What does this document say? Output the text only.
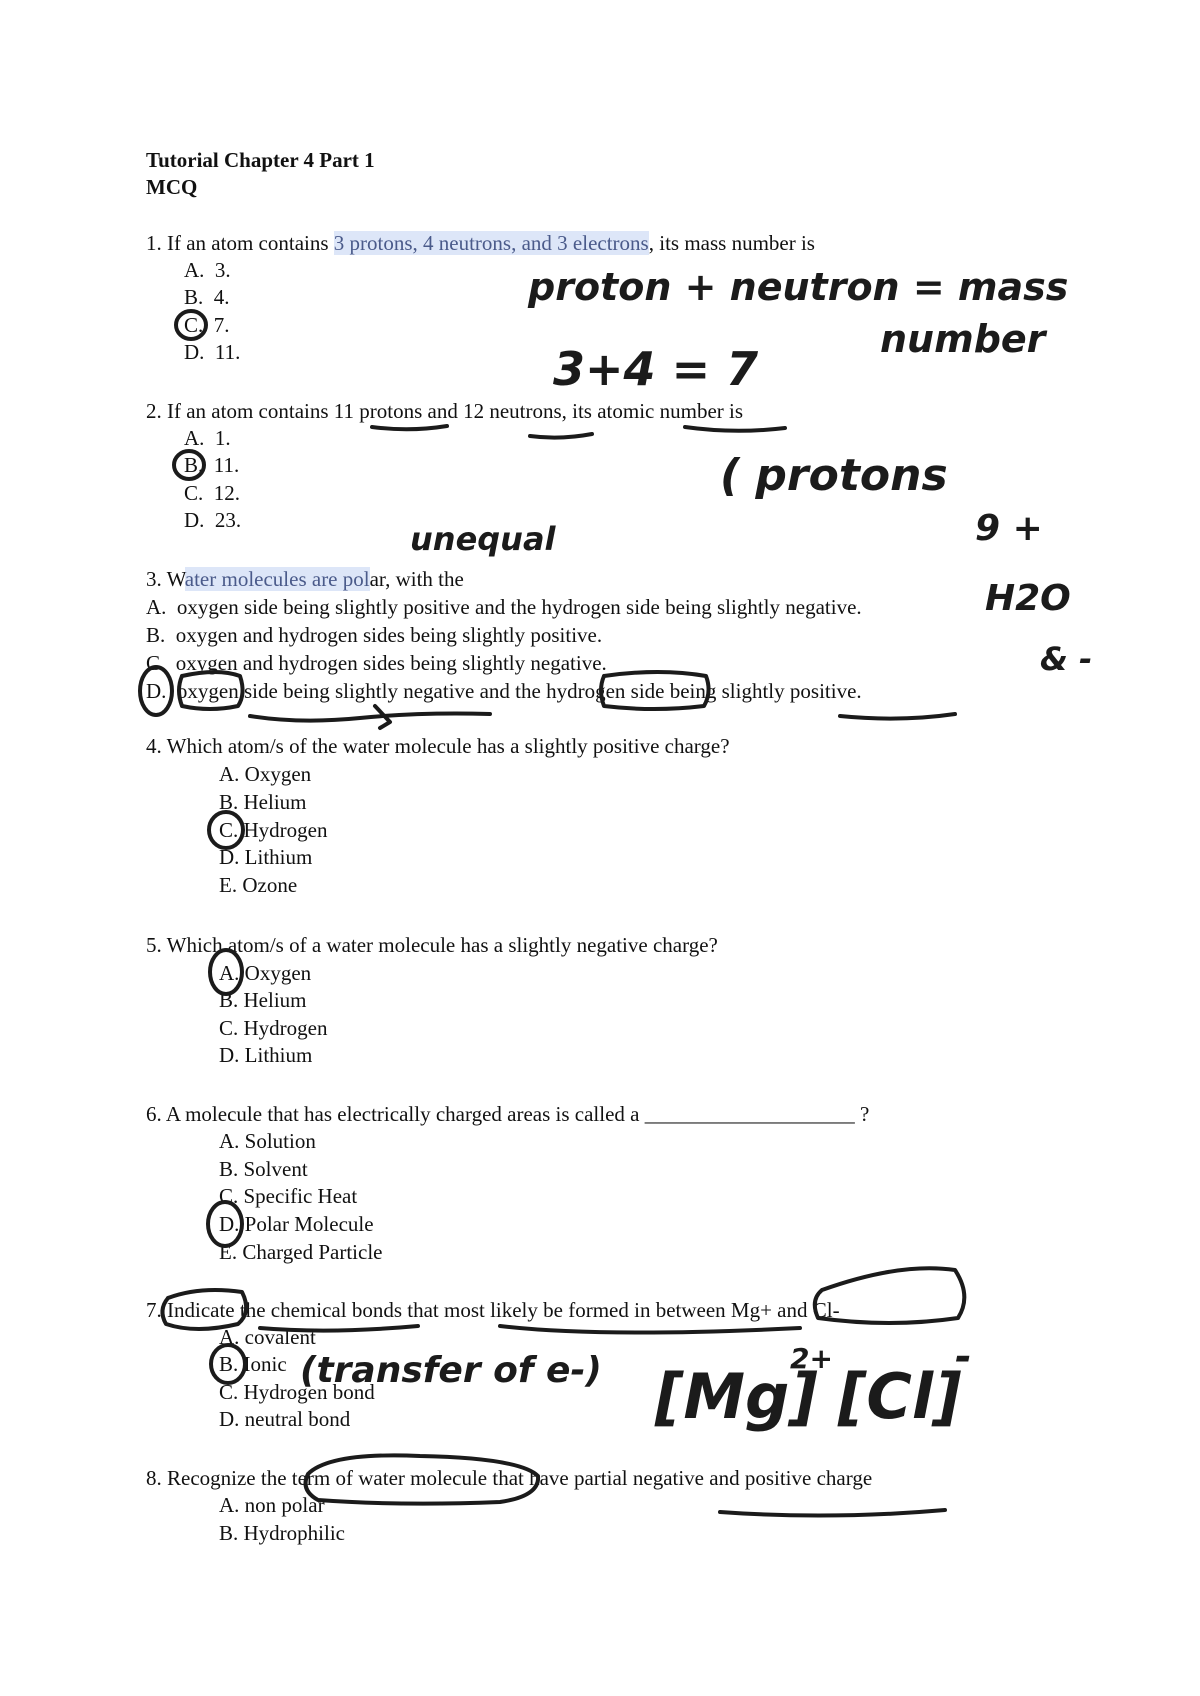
Tutorial Chapter 4 Part 1
MCQ
1. If an atom contains 3 protons, 4 neutrons, and 3 electrons, its mass number is
A.  3.
B.  4.
C.  7.
D.  11.
2. If an atom contains 11 protons and 12 neutrons, its atomic number is
A.  1.
B.  11.
C.  12.
D.  23.
3. Water molecules are polar, with the
A.  oxygen side being slightly positive and the hydrogen side being slightly negative.
B.  oxygen and hydrogen sides being slightly positive.
C.  oxygen and hydrogen sides being slightly negative.
D.  oxygen side being slightly negative and the hydrogen side being slightly positive.
4. Which atom/s of the water molecule has a slightly positive charge?
A. Oxygen
B. Helium
C. Hydrogen
D. Lithium
E. Ozone
5. Which atom/s of a water molecule has a slightly negative charge?
A. Oxygen
B. Helium
C. Hydrogen
D. Lithium
6. A molecule that has electrically charged areas is called a ____________________ ?
A. Solution
B. Solvent
C. Specific Heat
D. Polar Molecule
E. Charged Particle
7. Indicate the chemical bonds that most likely be formed in between Mg+ and Cl-
A. covalent
B. Ionic
C. Hydrogen bond
D. neutral bond
8. Recognize the term of water molecule that have partial negative and positive charge
A. non polar
B. Hydrophilic
proton + neutron = mass
number
3+4 = 7
( protons
unequal	9 +
H2O
& -
(transfer of e-) [Mg]
2+
[Cl]
-
